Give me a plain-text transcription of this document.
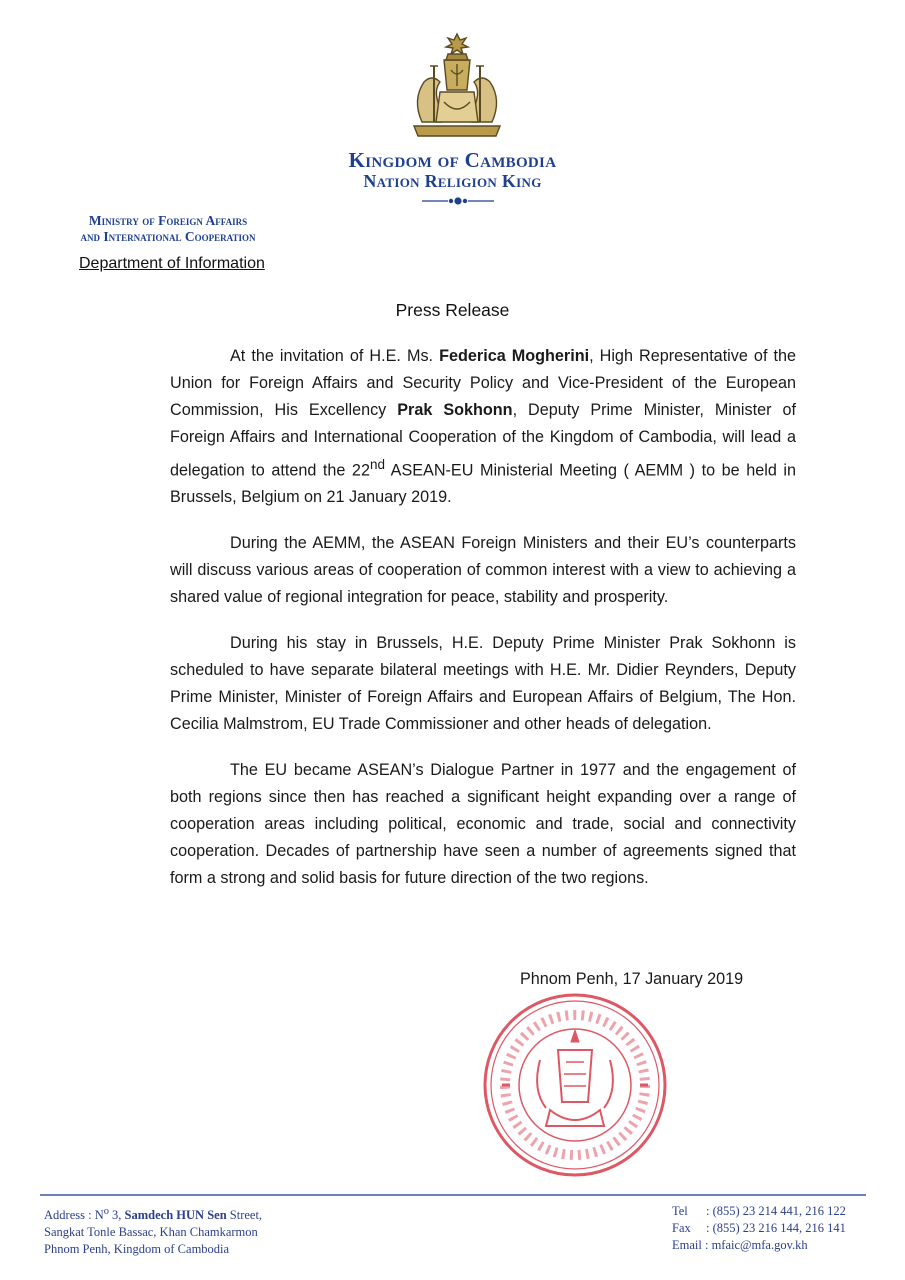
Kingdom of Cambodia
Nation Religion King
Ministry of Foreign Affairs
and International Cooperation
Department of Information
Press Release

At the invitation of H.E. Ms. Federica Mogherini, High Representative of the Union for Foreign Affairs and Security Policy and Vice-President of the European Commission, His Excellency Prak Sokhonn, Deputy Prime Minister, Minister of Foreign Affairs and International Cooperation of the Kingdom of Cambodia, will lead a delegation to attend the 22nd ASEAN-EU Ministerial Meeting ( AEMM ) to be held in Brussels, Belgium on 21 January 2019.

During the AEMM, the ASEAN Foreign Ministers and their EU’s counterparts will discuss various areas of cooperation of common interest with a view to achieving a shared value of regional integration for peace, stability and prosperity.

During his stay in Brussels, H.E. Deputy Prime Minister Prak Sokhonn is scheduled to have separate bilateral meetings with H.E. Mr. Didier Reynders, Deputy Prime Minister, Minister of Foreign Affairs and European Affairs of Belgium, The Hon. Cecilia Malmstrom, EU Trade Commissioner and other heads of delegation.

The EU became ASEAN’s Dialogue Partner in 1977 and the engagement of both regions since then has reached a significant height expanding over a range of cooperation areas including political, economic and trade, social and connectivity cooperation. Decades of partnership have seen a number of agreements signed that form a strong and solid basis for future direction of the two regions.

Phnom Penh, 17 January 2019
Address : $N^o$ 3, Samdech HUN Sen Street,
Sangkat Tonle Bassac, Khan Chamkarmon
Phnom Penh, Kingdom of Cambodia
Tel : (855) 23 214 441, 216 122
Fax : (855) 23 216 144, 216 141
Email : mfaic@mfa.gov.kh
